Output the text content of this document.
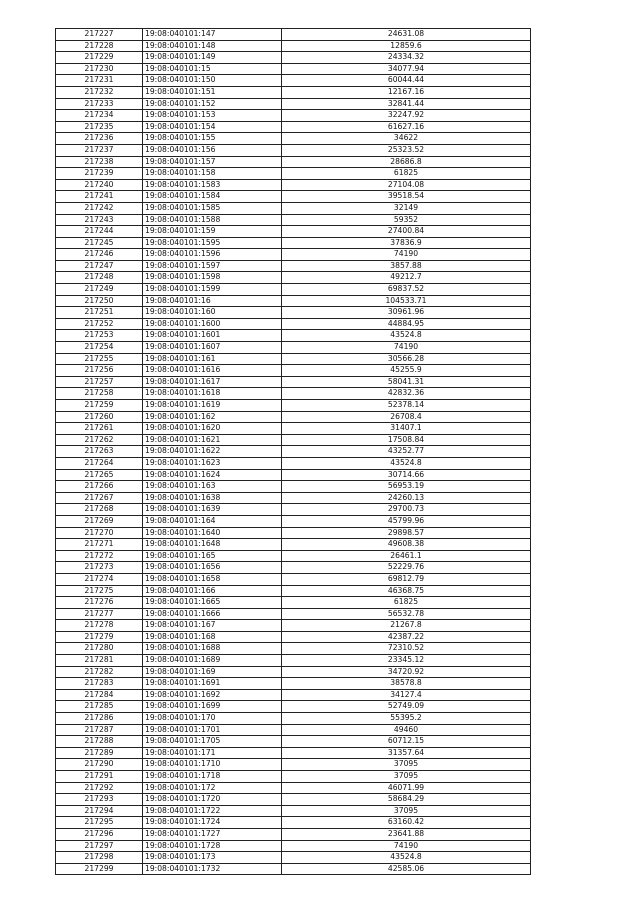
217227	19:08:040101:147	24631.08
217228	19:08:040101:148	12859.6
217229	19:08:040101:149	24334.32
217230	19:08:040101:15	34077.94
217231	19:08:040101:150	60044.44
217232	19:08:040101:151	12167.16
217233	19:08:040101:152	32841.44
217234	19:08:040101:153	32247.92
217235	19:08:040101:154	61627.16
217236	19:08:040101:155	34622
217237	19:08:040101:156	25323.52
217238	19:08:040101:157	28686.8
217239	19:08:040101:158	61825
217240	19:08:040101:1583	27104.08
217241	19:08:040101:1584	39518.54
217242	19:08:040101:1585	32149
217243	19:08:040101:1588	59352
217244	19:08:040101:159	27400.84
217245	19:08:040101:1595	37836.9
217246	19:08:040101:1596	74190
217247	19:08:040101:1597	3857.88
217248	19:08:040101:1598	49212.7
217249	19:08:040101:1599	69837.52
217250	19:08:040101:16	104533.71
217251	19:08:040101:160	30961.96
217252	19:08:040101:1600	44884.95
217253	19:08:040101:1601	43524.8
217254	19:08:040101:1607	74190
217255	19:08:040101:161	30566.28
217256	19:08:040101:1616	45255.9
217257	19:08:040101:1617	58041.31
217258	19:08:040101:1618	42832.36
217259	19:08:040101:1619	52378.14
217260	19:08:040101:162	26708.4
217261	19:08:040101:1620	31407.1
217262	19:08:040101:1621	17508.84
217263	19:08:040101:1622	43252.77
217264	19:08:040101:1623	43524.8
217265	19:08:040101:1624	30714.66
217266	19:08:040101:163	56953.19
217267	19:08:040101:1638	24260.13
217268	19:08:040101:1639	29700.73
217269	19:08:040101:164	45799.96
217270	19:08:040101:1640	29898.57
217271	19:08:040101:1648	49608.38
217272	19:08:040101:165	26461.1
217273	19:08:040101:1656	52229.76
217274	19:08:040101:1658	69812.79
217275	19:08:040101:166	46368.75
217276	19:08:040101:1665	61825
217277	19:08:040101:1666	56532.78
217278	19:08:040101:167	21267.8
217279	19:08:040101:168	42387.22
217280	19:08:040101:1688	72310.52
217281	19:08:040101:1689	23345.12
217282	19:08:040101:169	34720.92
217283	19:08:040101:1691	38578.8
217284	19:08:040101:1692	34127.4
217285	19:08:040101:1699	52749.09
217286	19:08:040101:170	55395.2
217287	19:08:040101:1701	49460
217288	19:08:040101:1705	60712.15
217289	19:08:040101:171	31357.64
217290	19:08:040101:1710	37095
217291	19:08:040101:1718	37095
217292	19:08:040101:172	46071.99
217293	19:08:040101:1720	58684.29
217294	19:08:040101:1722	37095
217295	19:08:040101:1724	63160.42
217296	19:08:040101:1727	23641.88
217297	19:08:040101:1728	74190
217298	19:08:040101:173	43524.8
217299	19:08:040101:1732	42585.06
